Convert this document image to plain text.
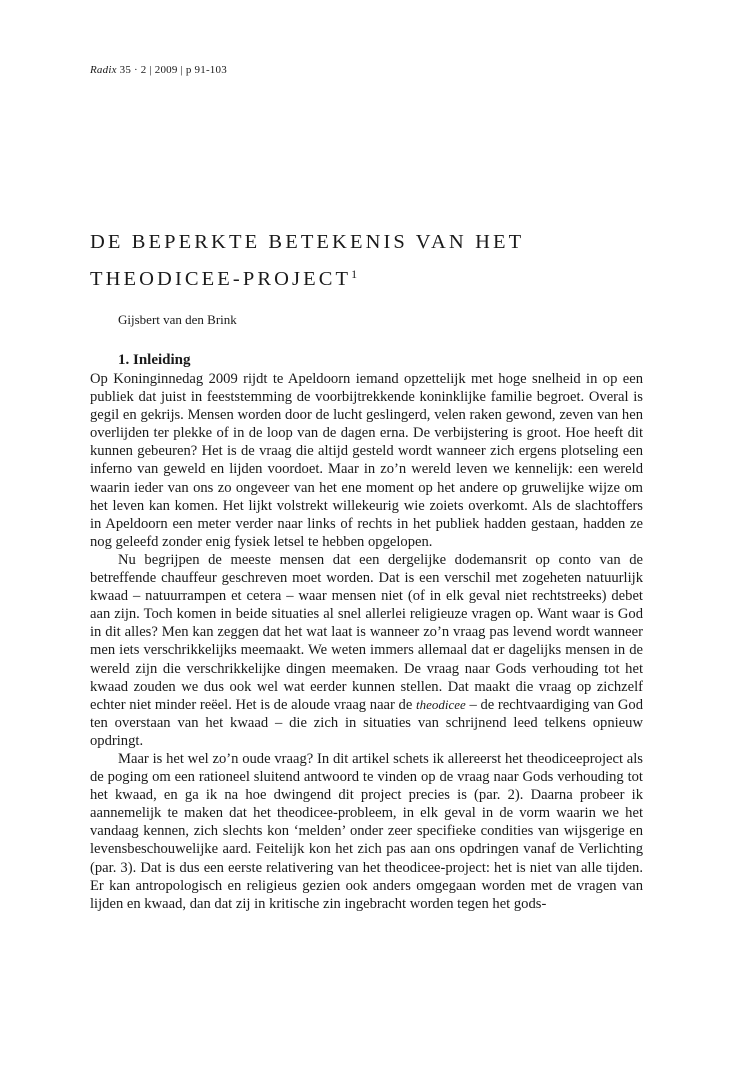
Radix 35 · 2 | 2009 | p 91-103
DE BEPERKTE BETEKENIS VAN HET
THEODICEE-PROJECT$^1$
Gijsbert van den Brink
1. Inleiding

Op Koninginnedag 2009 rijdt te Apeldoorn iemand opzettelijk met hoge snelheid in op een publiek dat juist in feeststemming de voorbijtrekkende koninklijke familie begroet. Overal is gegil en gekrijs. Mensen worden door de lucht geslingerd, velen raken gewond, zeven van hen overlijden ter plekke of in de loop van de dagen erna. De verbijstering is groot. Hoe heeft dit kunnen gebeuren? Het is de vraag die altijd gesteld wordt wanneer zich ergens plotseling een inferno van geweld en lijden voordoet. Maar in zo’n wereld leven we kennelijk: een wereld waarin ieder van ons zo ongeveer van het ene moment op het andere op gruwelijke wijze om het leven kan komen. Het lijkt volstrekt willekeurig wie zoiets overkomt. Als de slachtoffers in Apeldoorn een meter verder naar links of rechts in het publiek hadden gestaan, hadden ze nog geleefd zonder enig fysiek letsel te hebben opgelopen.

Nu begrijpen de meeste mensen dat een dergelijke dodemansrit op conto van de betreffende chauffeur geschreven moet worden. Dat is een verschil met zogeheten natuurlijk kwaad – natuurrampen et cetera – waar mensen niet (of in elk geval niet rechtstreeks) debet aan zijn. Toch komen in beide situaties al snel allerlei religieuze vragen op. Want waar is God in dit alles? Men kan zeggen dat het wat laat is wanneer zo’n vraag pas levend wordt wanneer men iets verschrikkelijks meemaakt. We weten immers allemaal dat er dagelijks mensen in de wereld zijn die verschrikkelijke dingen meemaken. De vraag naar Gods verhouding tot het kwaad zouden we dus ook wel wat eerder kunnen stellen. Dat maakt die vraag op zichzelf echter niet minder reëel. Het is de aloude vraag naar de theodicee – de rechtvaardiging van God ten overstaan van het kwaad – die zich in situaties van schrijnend leed telkens opnieuw opdringt.

Maar is het wel zo’n oude vraag? In dit artikel schets ik allereerst het theodiceeproject als de poging om een rationeel sluitend antwoord te vinden op de vraag naar Gods verhouding tot het kwaad, en ga ik na hoe dwingend dit project precies is (par. 2). Daarna probeer ik aannemelijk te maken dat het theodicee-probleem, in elk geval in de vorm waarin we het vandaag kennen, zich slechts kon ‘melden’ onder zeer specifieke condities van wijsgerige en levensbeschouwelijke aard. Feitelijk kon het zich pas aan ons opdringen vanaf de Verlichting (par. 3). Dat is dus een eerste relativering van het theodicee-project: het is niet van alle tijden. Er kan antropologisch en religieus gezien ook anders omgegaan worden met de vragen van lijden en kwaad, dan dat zij in kritische zin ingebracht worden tegen het gods-
